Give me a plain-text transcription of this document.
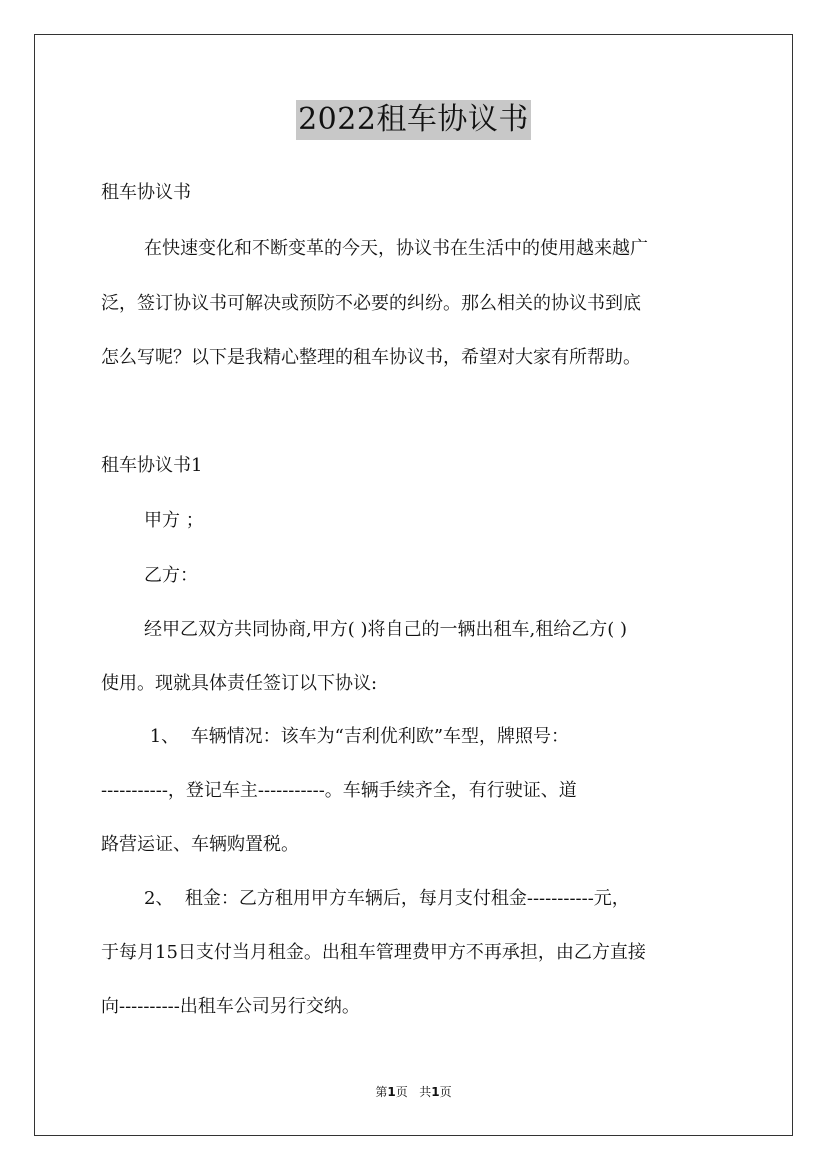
2022租车协议书
租车协议书
在快速变化和不断变革的今天，协议书在生活中的使用越来越广
泛，签订协议书可解决或预防不必要的纠纷。那么相关的协议书到底
怎么写呢？以下是我精心整理的租车协议书，希望对大家有所帮助。
租车协议书1
甲方 ；
乙方：
经甲乙双方共同协商,甲方( )将自己的一辆出租车,租给乙方( )
使用。现就具体责任签订以下协议:
1、  车辆情况：该车为“吉利优利欧”车型，牌照号：
-----------，登记车主-----------。车辆手续齐全，有行驶证、道
路营运证、车辆购置税。
2、  租金：乙方租用甲方车辆后，每月支付租金-----------元，
于每月15日支付当月租金。出租车管理费甲方不再承担，由乙方直接
向----------出租车公司另行交纳。
第1页 共1页
